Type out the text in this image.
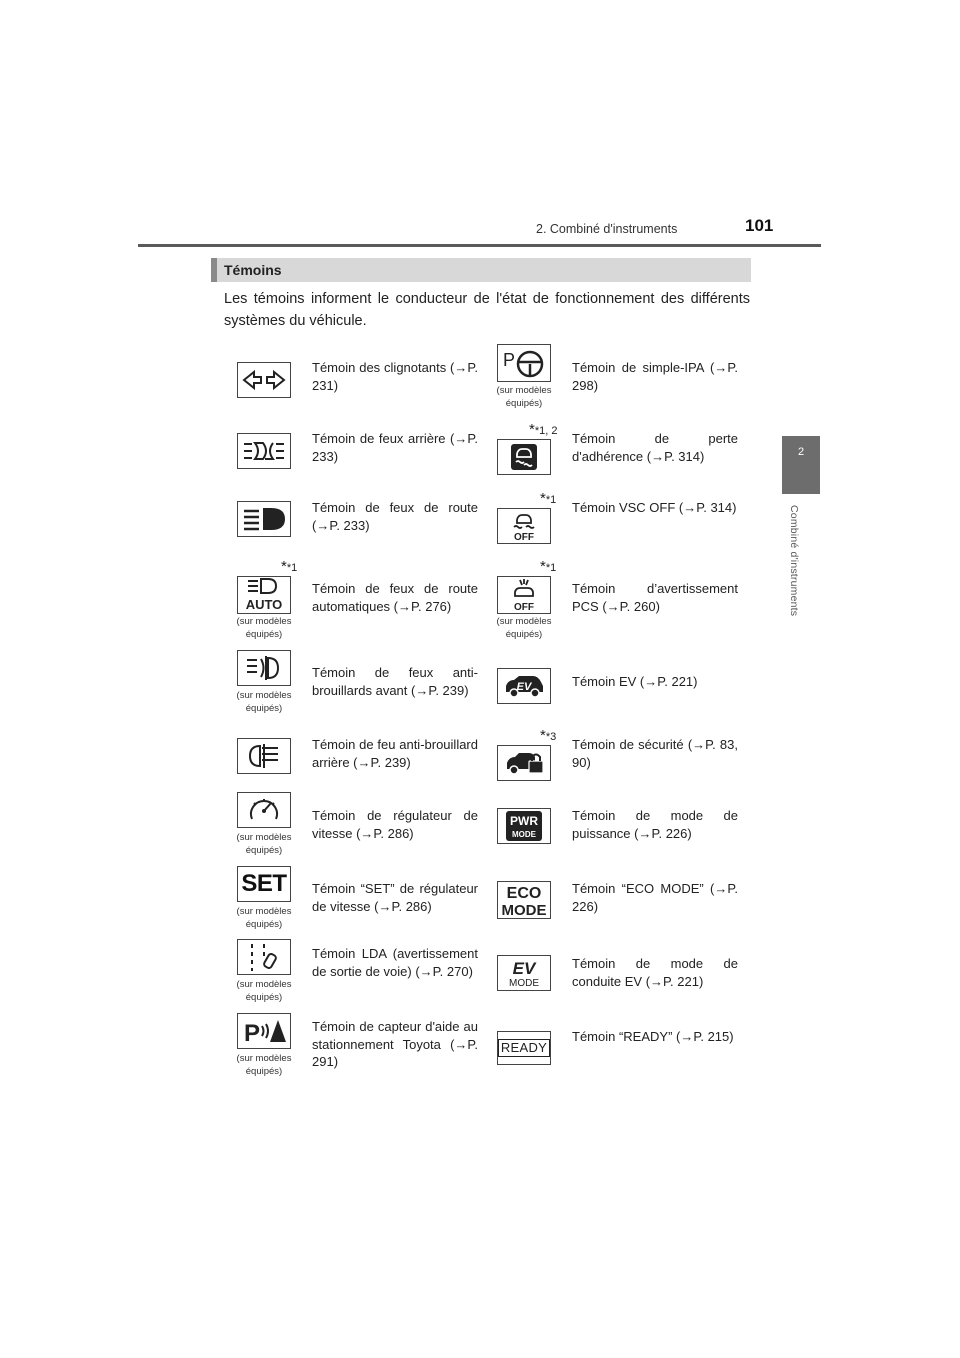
2. Combiné d'instruments	101
2
Combiné d'instruments
Témoins
Les témoins informent le conducteur de l'état de fonctionnement des différents systèmes du véhicule.
Témoin des clignotants (→P. 231)
Témoin de feux arrière (→P. 233)
Témoin de feux de route (→P. 233)
**1
AUTO
(sur modèles équipés)
Témoin de feux de route automatiques (→P. 276)
(sur modèles équipés)
Témoin de feux anti-brouillards avant (→P. 239)
Témoin de feu anti-brouillard arrière (→P. 239)
(sur modèles équipés)
Témoin de régulateur de vitesse (→P. 286)
SET
(sur modèles équipés)
Témoin “SET” de régulateur de vitesse (→P. 286)
(sur modèles équipés)
Témoin LDA (avertissement de sortie de voie) (→P. 270)
P
(sur modèles équipés)
Témoin de capteur d'aide au stationnement Toyota (→P. 291)
P
(sur modèles équipés)
Témoin de simple-IPA (→P. 298)
**1, 2 Témoin de perte d'adhérence (→P. 314)
**1
OFF
Témoin VSC OFF (→P. 314)
**1
OFF
(sur modèles équipés)
Témoin d’avertissement PCS (→P. 260)
EV	Témoin EV (→P. 221)
**3 Témoin de sécurité (→P. 83, 90)
PWR
MODE
Témoin de mode de puissance (→P. 226)
ECO
MODE
Témoin “ECO MODE” (→P. 226)
EV
MODE
Témoin de mode de conduite EV (→P. 221)
READY
Témoin “READY” (→P. 215)
